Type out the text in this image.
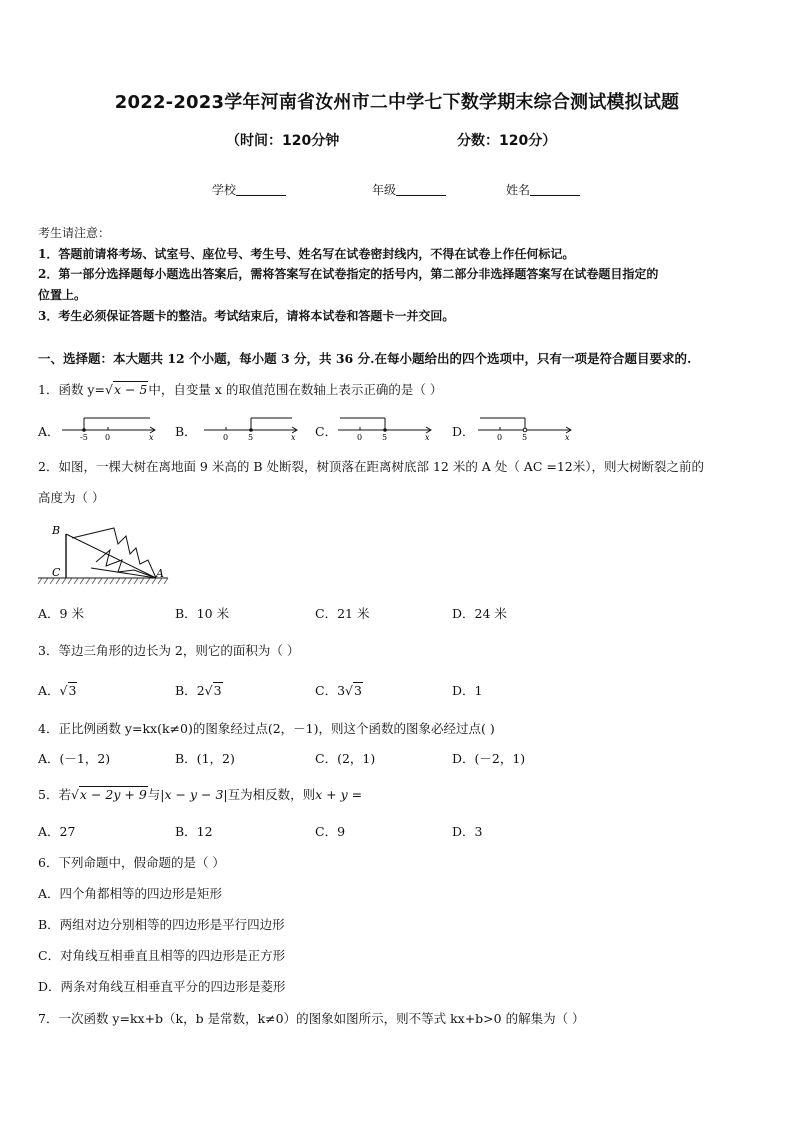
2022-2023学年河南省汝州市二中学七下数学期末综合测试模拟试题
（时间：120分钟	分数：120分）
学校	年级	姓名
考生请注意：
1．答题前请将考场、试室号、座位号、考生号、姓名写在试卷密封线内，不得在试卷上作任何标记。
2．第一部分选择题每小题选出答案后，需将答案写在试卷指定的括号内，第二部分非选择题答案写在试卷题目指定的
位置上。
3．考生必须保证答题卡的整洁。考试结束后，请将本试卷和答题卡一并交回。
一、选择题：本大题共 12 个小题，每小题 3 分，共 36 分.在每小题给出的四个选项中，只有一项是符合题目要求的.
1．函数 y=√x − 5中，自变量 x 的取值范围在数轴上表示正确的是（ ）
A．	B．	C．	D．
-5 0	x	0 5	x	0 5	x	0 5	x
2．如图，一棵大树在离地面 9 米高的 B 处断裂，树顶落在距离树底部 12 米的 A 处（ AC =12米），则大树断裂之前的
高度为（ ）
B
C	A
A．9 米	B．10 米	C．21 米	D．24 米
3．等边三角形的边长为 2，则它的面积为（ ）
A．√3	B．2√3	C．3√3	D．1
4．正比例函数 y=kx(k≠0)的图象经过点(2，－1)，则这个函数的图象必经过点( )
A．(－1，2)	B．(1，2)	C．(2，1)	D．(－2，1)
5．若√x − 2y + 9与|x − y − 3|互为相反数，则x + y =
A．27	B．12	C．9	D．3
6．下列命题中，假命题的是（ ）
A．四个角都相等的四边形是矩形
B．两组对边分别相等的四边形是平行四边形
C．对角线互相垂直且相等的四边形是正方形
D．两条对角线互相垂直平分的四边形是菱形
7．一次函数 y=kx+b（k，b 是常数，k≠0）的图象如图所示，则不等式 kx+b>0 的解集为（ ）
